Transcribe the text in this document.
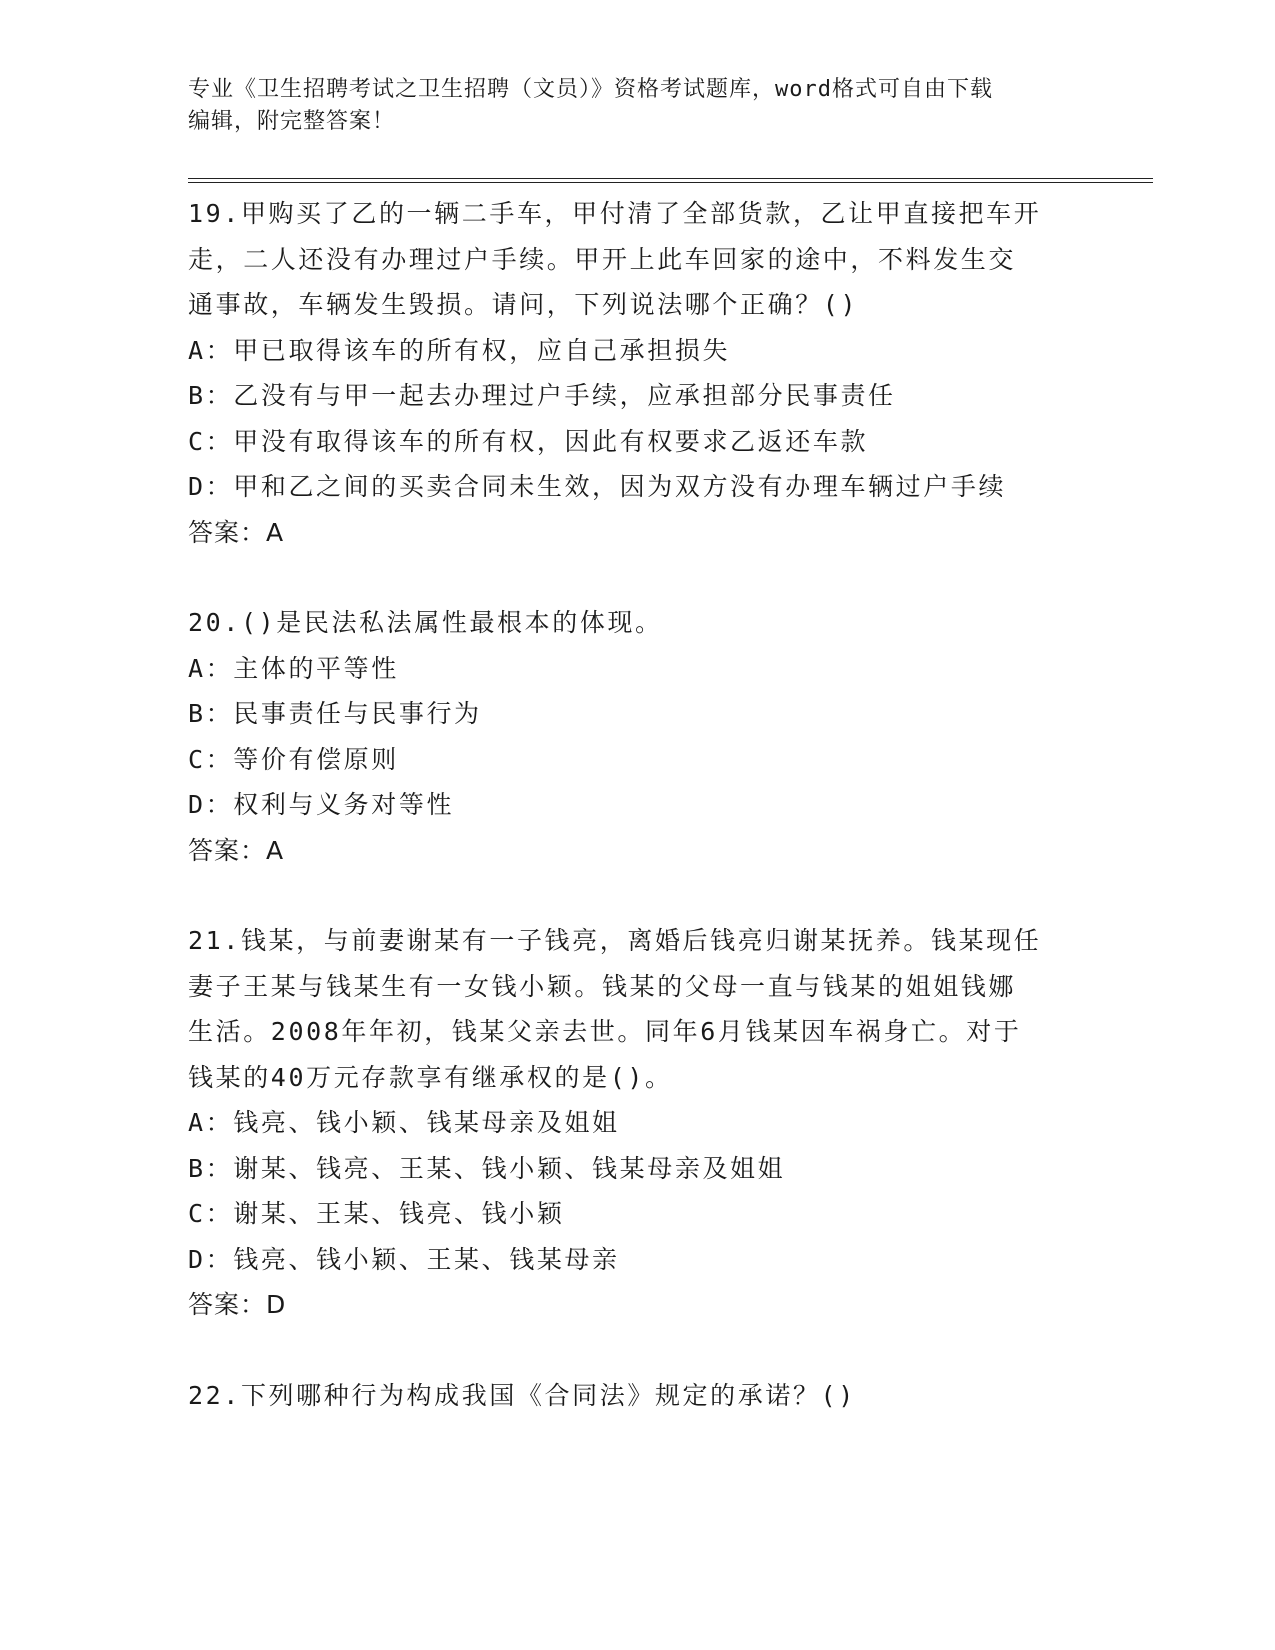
专业《卫生招聘考试之卫生招聘（文员）》资格考试题库，word格式可自由下载
编辑，附完整答案！
19.甲购买了乙的一辆二手车，甲付清了全部货款，乙让甲直接把车开
走，二人还没有办理过户手续。甲开上此车回家的途中，不料发生交
通事故，车辆发生毁损。请问，下列说法哪个正确？()
A：甲已取得该车的所有权，应自己承担损失
B：乙没有与甲一起去办理过户手续，应承担部分民事责任
C：甲没有取得该车的所有权，因此有权要求乙返还车款
D：甲和乙之间的买卖合同未生效，因为双方没有办理车辆过户手续
答案：A
20.()是民法私法属性最根本的体现。
A：主体的平等性
B：民事责任与民事行为
C：等价有偿原则
D：权利与义务对等性
答案：A
21.钱某，与前妻谢某有一子钱亮，离婚后钱亮归谢某抚养。钱某现任
妻子王某与钱某生有一女钱小颖。钱某的父母一直与钱某的姐姐钱娜
生活。2008年年初，钱某父亲去世。同年6月钱某因车祸身亡。对于
钱某的40万元存款享有继承权的是()。
A：钱亮、钱小颖、钱某母亲及姐姐
B：谢某、钱亮、王某、钱小颖、钱某母亲及姐姐
C：谢某、王某、钱亮、钱小颖
D：钱亮、钱小颖、王某、钱某母亲
答案：D
22.下列哪种行为构成我国《合同法》规定的承诺？()
